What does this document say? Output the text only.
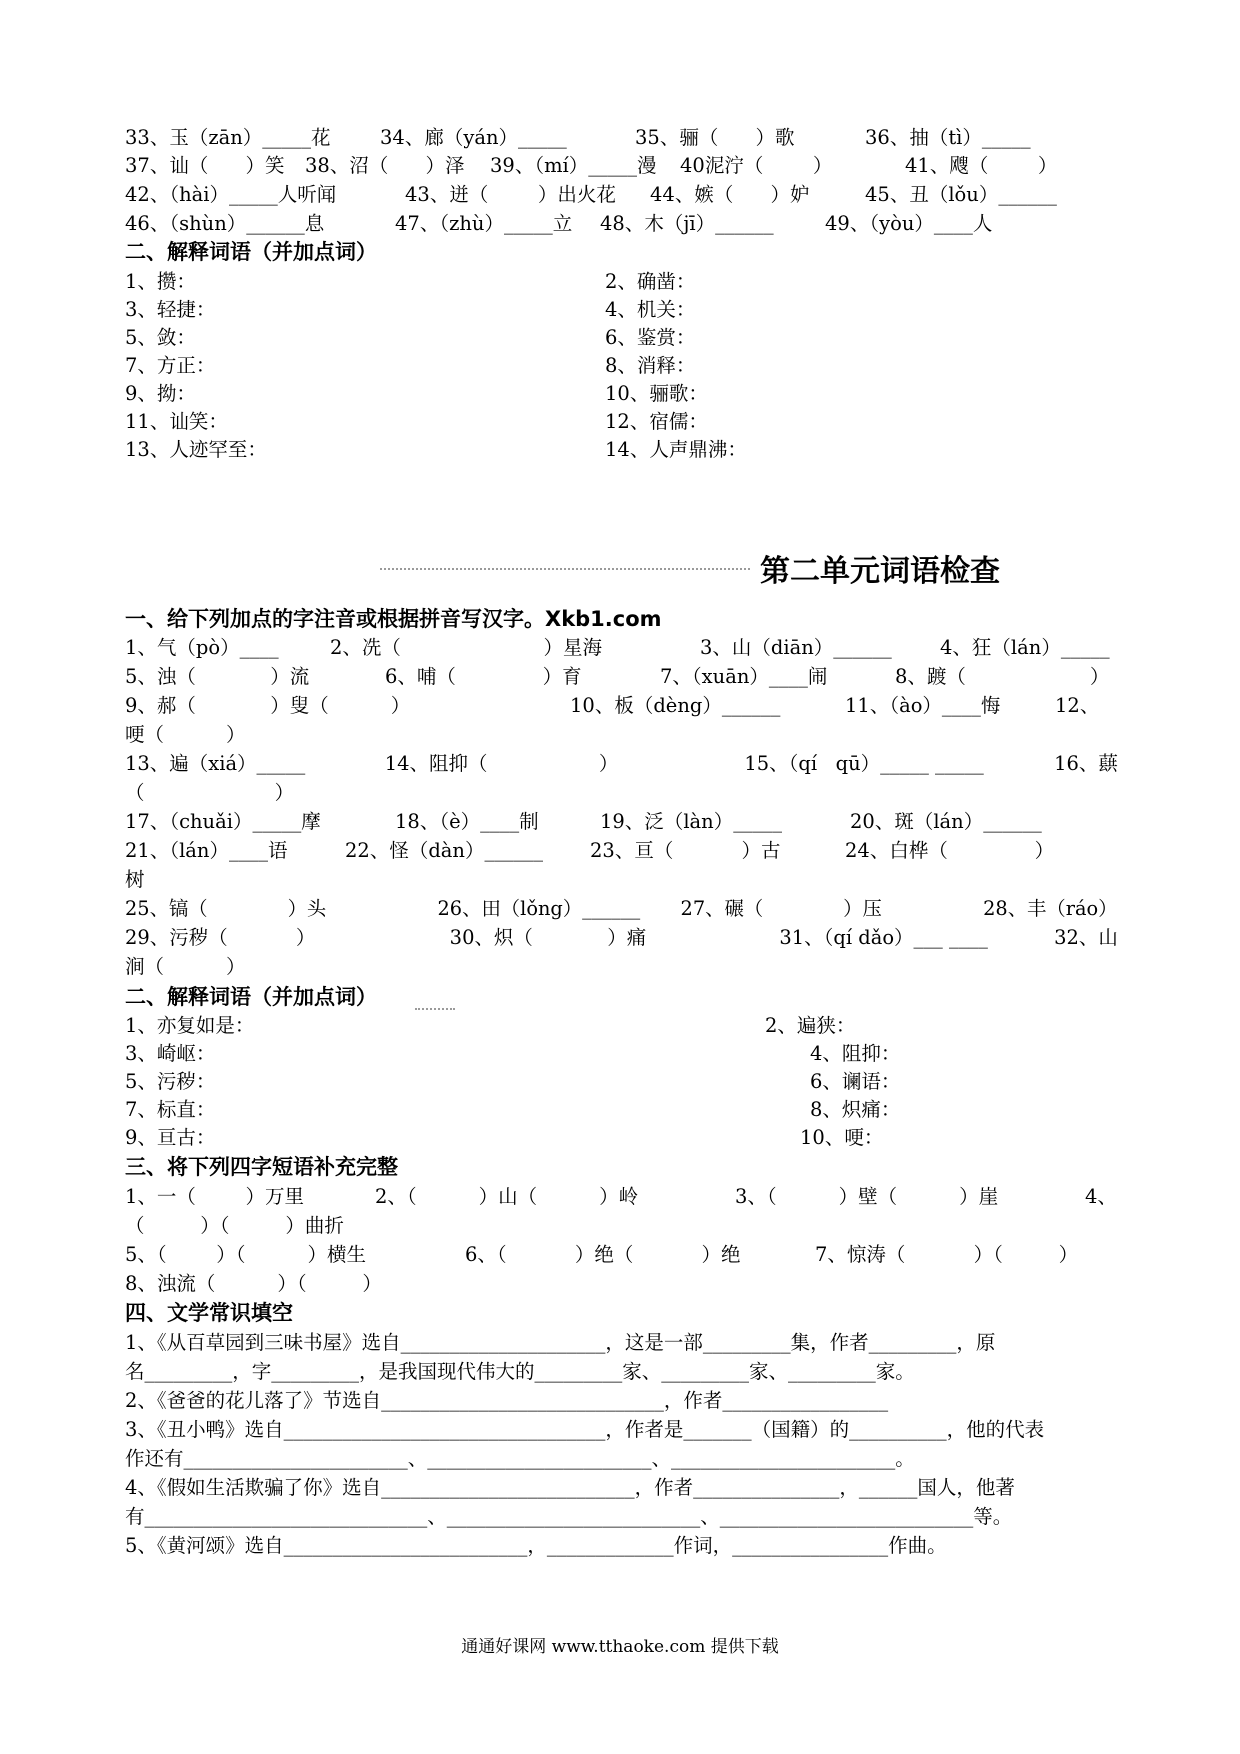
33、玉（zān）_____花	34、廊（yán）_____	35、骊（      ）歌	36、抽（tì）_____
37、讪（      ）笑 38、沼（      ）泽 39、（mí）_____漫 40泥泞（        ）	41、飕（        ）
42、（hài）_____人听闻	43、迸（        ）出火花 44、嫉（      ）妒	45、丑（lǒu）______
46、（shùn）______息	47、（zhù）_____立 48、木（jī）______	49、（yòu）____人
二、解释词语（并加点词）
1、攒：	2、确凿：
3、轻捷：	4、机关：
5、敛：	6、鉴赏：
7、方正：	8、消释：
9、拗：	10、骊歌：
11、讪笑：	12、宿儒：
13、人迹罕至：	14、人声鼎沸：
第二单元词语检查
一、给下列加点的字注音或根据拼音写汉字。Xkb1.com
1、气（pò）____	2、冼（                       ）星海	3、山（diān）______ 4、狂（lán）_____
5、浊（            ）流	6、哺（              ）育	7、（xuān）____闹	8、踱（                    ）
9、郝（            ）叟（          ）	10、板（dèng）______	11、（ào）____悔	12、
哽（          ）
13、遍（xiá）_____	14、阻抑（                  ）	15、（qí   qū）_____ _____	16、蕻
（                     ）
17、（chuǎi）_____摩	18、（è）____制	19、泛（làn）_____	20、斑（lán）______
21、（lán）____语	22、怪（dàn）______ 23、亘（           ）古	24、白桦（              ）
树
25、镐（             ）头	26、田（lǒng）______ 27、碾（             ）压	28、丰（ráo）
29、污秽（           ）	30、炽（            ）痛	31、（qí dǎo）___ ____	32、山
涧（          ）
二、解释词语（并加点词）
1、亦复如是：	2、遍狭：
3、崎岖：	4、阻抑：
5、污秽：	6、谰语：
7、标直：	8、炽痛：
9、亘古：	10、哽：
三、将下列四字短语补充完整
1、一（        ）万里	2、（          ）山（          ）岭	3、（          ）壁（          ）崖	4、
（         ）（         ）曲折
5、（        ）（          ）横生	6、（           ）绝（           ）绝	7、惊涛（           ）（         ）
8、浊流（          ）（         ）
四、文学常识填空
1、《从百草园到三味书屋》选自_____________________，这是一部_________集，作者_________，原
名_________，字_________，是我国现代伟大的_________家、_________家、_________家。
2、《爸爸的花儿落了》节选自_____________________________，作者_________________
3、《丑小鸭》选自_________________________________，作者是_______（国籍）的__________，他的代表
作还有_______________________、_______________________、_______________________。
4、《假如生活欺骗了你》选自__________________________，作者_______________，______国人，他著
有_____________________________、__________________________、__________________________等。
5、《黄河颂》选自_________________________，_____________作词，________________作曲。
通通好课网 www.tthaoke.com 提供下载
